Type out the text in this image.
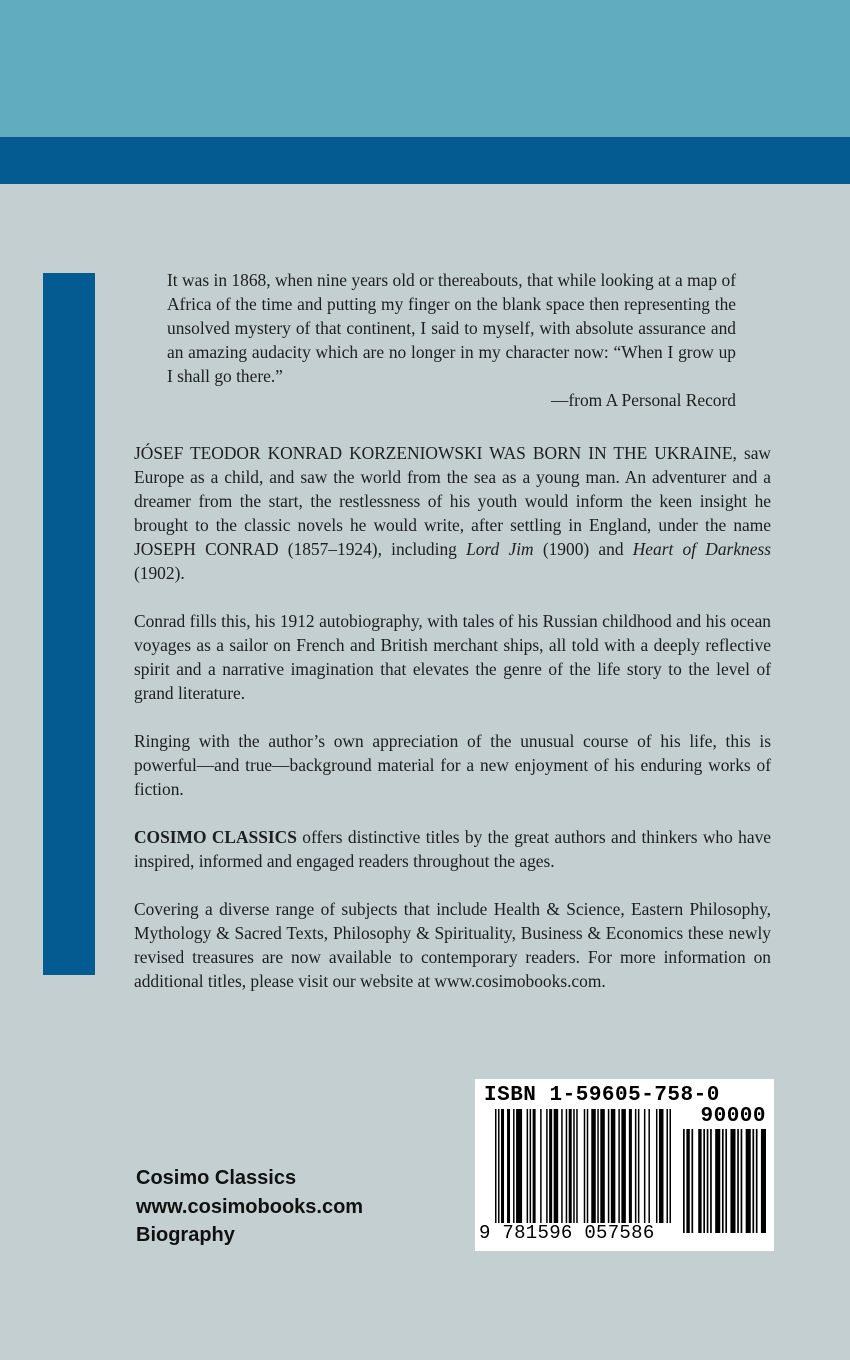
It was in 1868, when nine years old or thereabouts, that while looking at a map of Africa of the time and putting my finger on the blank space then representing the unsolved mystery of that continent, I said to myself, with absolute assurance and an amazing audacity which are no longer in my character now: “When I grow up I shall go there.”

—from A Personal Record

JÓSEF TEODOR KONRAD KORZENIOWSKI WAS BORN IN THE UKRAINE, saw Europe as a child, and saw the world from the sea as a young man. An adventurer and a dreamer from the start, the restlessness of his youth would inform the keen insight he brought to the classic novels he would write, after settling in England, under the name JOSEPH CONRAD (1857–1924), including Lord Jim (1900) and Heart of Darkness (1902).

Conrad fills this, his 1912 autobiography, with tales of his Russian childhood and his ocean voyages as a sailor on French and British merchant ships, all told with a deeply reflective spirit and a narrative imagination that elevates the genre of the life story to the level of grand literature.

Ringing with the author’s own appreciation of the unusual course of his life, this is powerful—and true—background material for a new enjoyment of his enduring works of fiction.

COSIMO CLASSICS offers distinctive titles by the great authors and thinkers who have inspired, informed and engaged readers throughout the ages.

Covering a diverse range of subjects that include Health & Science, Eastern Philosophy, Mythology & Sacred Texts, Philosophy & Spirituality, Business & Economics these newly revised treasures are now available to contemporary readers. For more information on additional titles, please visit our website at www.cosimobooks.com.

Cosimo Classics
www.cosimobooks.com
Biography
ISBN 1-59605-758-0
90000
9 781596 057586
